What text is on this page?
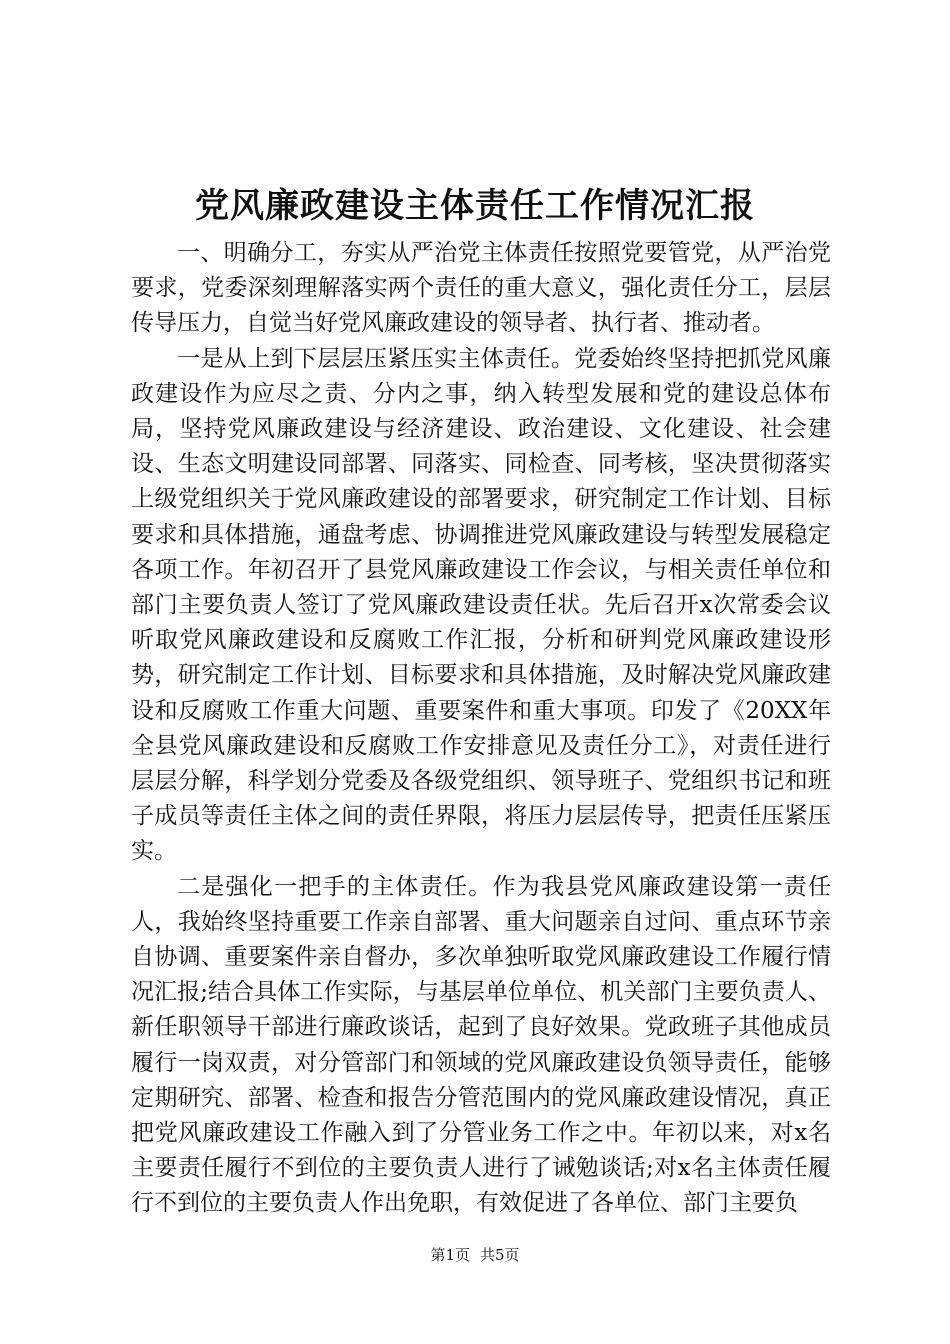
党风廉政建设主体责任工作情况汇报

一、明确分工，夯实从严治党主体责任按照党要管党，从严治党要求，党委深刻理解落实两个责任的重大意义，强化责任分工，层层传导压力，自觉当好党风廉政建设的领导者、执行者、推动者。

一是从上到下层层压紧压实主体责任。党委始终坚持把抓党风廉政建设作为应尽之责、分内之事，纳入转型发展和党的建设总体布局，坚持党风廉政建设与经济建设、政治建设、文化建设、社会建设、生态文明建设同部署、同落实、同检查、同考核，坚决贯彻落实上级党组织关于党风廉政建设的部署要求，研究制定工作计划、目标要求和具体措施，通盘考虑、协调推进党风廉政建设与转型发展稳定各项工作。年初召开了县党风廉政建设工作会议，与相关责任单位和部门主要负责人签订了党风廉政建设责任状。先后召开x次常委会议听取党风廉政建设和反腐败工作汇报，分析和研判党风廉政建设形势，研究制定工作计划、目标要求和具体措施，及时解决党风廉政建设和反腐败工作重大问题、重要案件和重大事项。印发了《20XX年全县党风廉政建设和反腐败工作安排意见及责任分工》，对责任进行层层分解，科学划分党委及各级党组织、领导班子、党组织书记和班子成员等责任主体之间的责任界限，将压力层层传导，把责任压紧压实。

二是强化一把手的主体责任。作为我县党风廉政建设第一责任人，我始终坚持重要工作亲自部署、重大问题亲自过问、重点环节亲自协调、重要案件亲自督办，多次单独听取党风廉政建设工作履行情况汇报;结合具体工作实际，与基层单位单位、机关部门主要负责人、新任职领导干部进行廉政谈话，起到了良好效果。党政班子其他成员履行一岗双责，对分管部门和领域的党风廉政建设负领导责任，能够定期研究、部署、检查和报告分管范围内的党风廉政建设情况，真正把党风廉政建设工作融入到了分管业务工作之中。年初以来，对x名主要责任履行不到位的主要负责人进行了诫勉谈话;对x名主体责任履行不到位的主要负责人作出免职，有效促进了各单位、部门主要负

第1页 共5页
